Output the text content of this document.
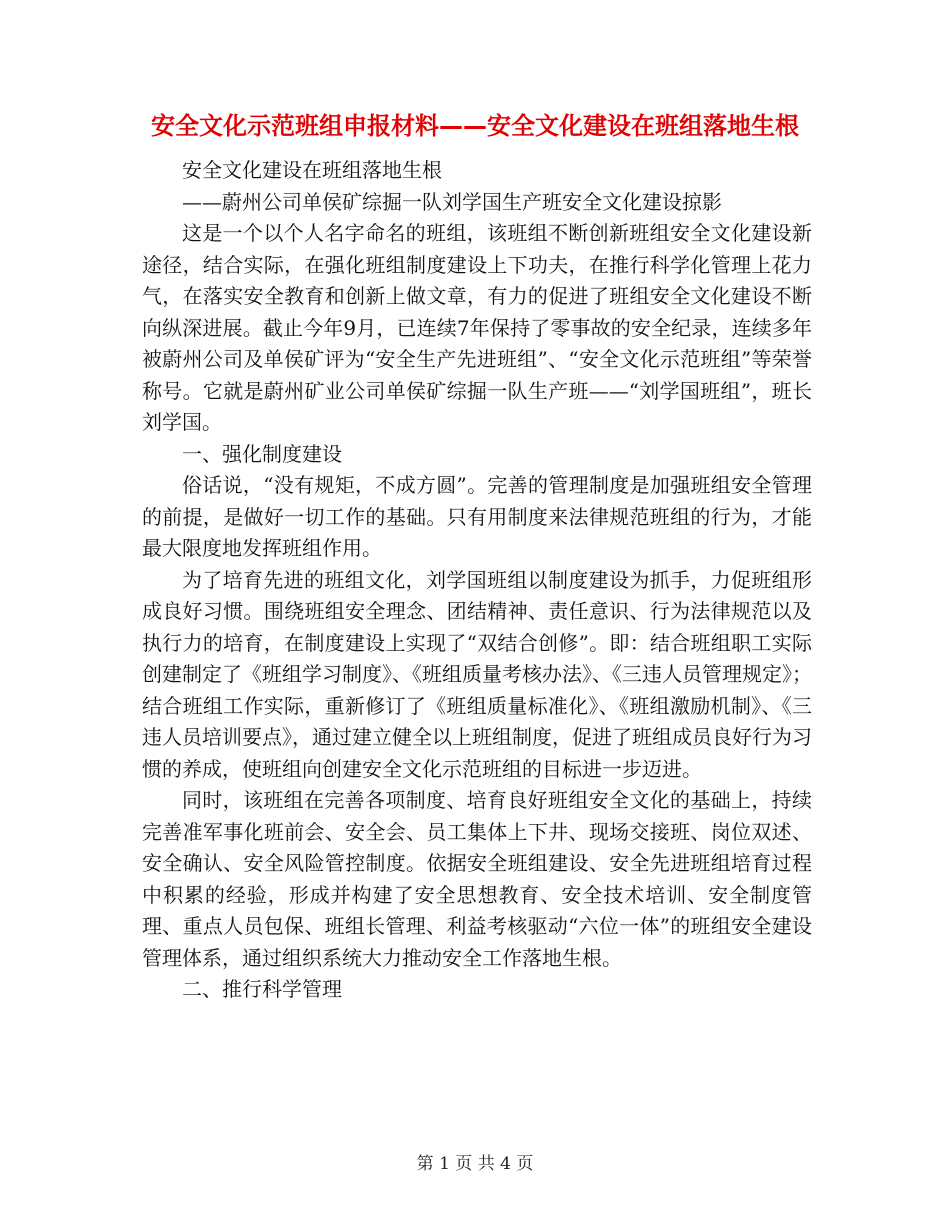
安全文化示范班组申报材料——安全文化建设在班组落地生根

安全文化建设在班组落地生根

——蔚州公司单侯矿综掘一队刘学国生产班安全文化建设掠影

这是一个以个人名字命名的班组，该班组不断创新班组安全文化建设新途径，结合实际，在强化班组制度建设上下功夫，在推行科学化管理上花力气，在落实安全教育和创新上做文章，有力的促进了班组安全文化建设不断向纵深进展。截止今年9月，已连续7年保持了零事故的安全纪录，连续多年被蔚州公司及单侯矿评为“安全生产先进班组”、“安全文化示范班组”等荣誉称号。它就是蔚州矿业公司单侯矿综掘一队生产班——“刘学国班组”，班长刘学国。

一、强化制度建设

俗话说，“没有规矩，不成方圆”。完善的管理制度是加强班组安全管理的前提，是做好一切工作的基础。只有用制度来法律规范班组的行为，才能最大限度地发挥班组作用。

为了培育先进的班组文化，刘学国班组以制度建设为抓手，力促班组形成良好习惯。围绕班组安全理念、团结精神、责任意识、行为法律规范以及执行力的培育，在制度建设上实现了“双结合创修”。即：结合班组职工实际创建制定了《班组学习制度》、《班组质量考核办法》、《三违人员管理规定》；结合班组工作实际，重新修订了《班组质量标准化》、《班组激励机制》、《三违人员培训要点》，通过建立健全以上班组制度，促进了班组成员良好行为习惯的养成，使班组向创建安全文化示范班组的目标进一步迈进。

同时，该班组在完善各项制度、培育良好班组安全文化的基础上，持续完善准军事化班前会、安全会、员工集体上下井、现场交接班、岗位双述、安全确认、安全风险管控制度。依据安全班组建设、安全先进班组培育过程中积累的经验，形成并构建了安全思想教育、安全技术培训、安全制度管理、重点人员包保、班组长管理、利益考核驱动“六位一体”的班组安全建设管理体系，通过组织系统大力推动安全工作落地生根。

二、推行科学管理

第 1 页 共 4 页
